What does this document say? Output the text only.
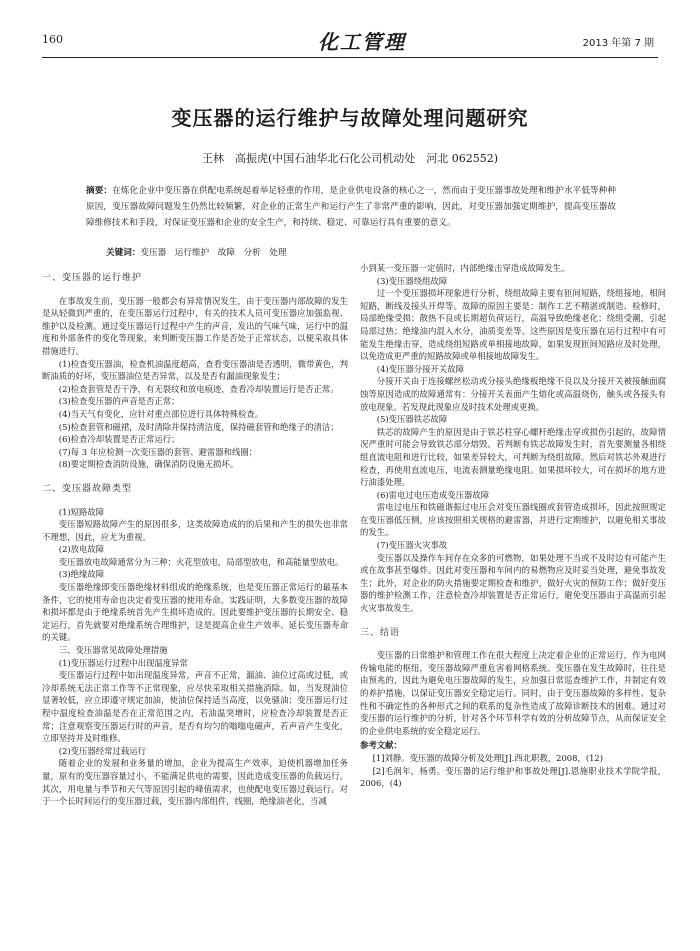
160	化工管理	2013 年第 7 期
变压器的运行维护与故障处理问题研究
王林　高振虎(中国石油华北石化公司机动处　河北 062552)
摘要：在炼化企业中变压器在供配电系统起着举足轻重的作用，是企业供电设备的核心之一，然而由于变压器事故处理和维护水平低等种种原因，变压器故障问题发生仍然比较频繁，对企业的正常生产和运行产生了非常严重的影响，因此，对变压器加强定期维护，提高变压器故障维修技术和手段，对保证变压器和企业的安全生产，和持续、稳定、可靠运行具有重要的意义。
关键词：变压器　运行维护　故障　分析　处理
一、变压器的运行维护

在事故发生前，变压器一般都会有异常情况发生，由于变压器内部故障的发生是从轻微到严重的，在变压器运行过程中，有关的技术人员可变压器应加强监视、维护以及检测。通过变压器运行过程中产生的声音，发出的气味气味，运行中的温度和外部条件的变化等现象，来判断变压器工作是否处于正常状态，以便采取具体措施进行。

(1)检查变压器油，检查机油温度超高，查看变压器油是否透明，微带黄色，判断油质的好坏，变压器油位是否异常，以及是否有漏油现象发生；

(2)检查套管是否干净，有无裂纹和放电痕迹，查看冷却装置运行是否正常。

(3)检查变压器的声音是否正常；

(4)当天气有变化，应针对重点部位进行具体特殊检查。

(5)检查套管和磁裙，及时清除并保持清洁度，保持磁套管和绝缘子的清洁；

(6)检查冷却装置是否正常运行；

(7)每 3 年应检测一次变压器的套管、避雷器和线圈；

(8)要定期检查消防设施，确保消防设施无损坏。

二、变压器故障类型

(1)短路故障

变压器短路故障产生的原因很多，这类故障造成的的后果和产生的损失也非常不理想，因此，应尤为重视。

(2)放电故障

变压器放电故障通常分为三种：火花型放电，局部型放电，和高能量型放电。

(3)绝缘故障

变压器绝缘即变压器绝缘材料组成的绝缘系统，也是变压器正常运行的最基本条件，它的使用寿命也决定着变压器的使用寿命。实践证明，大多数变压器的故障和损坏都是由于绝缘系统首先产生损坏造成的。因此要维护变压器的长期安全、稳定运行，首先就要对绝缘系统合理维护，这是提高企业生产效率、延长变压器寿命的关键。

三、变压器常见故障处理措施

(1)变压器运行过程中出现温度异常

变压器运行过程中如出现温度异常，声音不正常，漏油、油位过高或过低，或冷却系统无法正常工作等不正常现象，应尽快采取相关措施消除。如，当发现油位显著较低，应立即遵守规定加油，使油位保持适当高度，以免骚油；变压器运行过程中温度检查油温是否在正常范围之内，若油温突增时，应检查冷却装置是否正常；注意观察变压器运行时的声音，是否有均匀的嗡嗡电磁声，若声音产生变化，立即坚持并及时维修。

(2)变压器经常过载运行

随着企业的发展和业务量的增加，企业为提高生产效率，迫使机器增加任务量，原有的变压器容量过小，不能满足供电的需要，因此造成变压器的负载运行。其次，用电量与季节和天气等原因引起的峰值需求，也使配电变压器过载运行。对于一个长时间运行的变压器过载，变压器内部组件，线圈，绝缘油老化，当减

小到某一变压器一定值时，内部绝缘击穿造成故障发生。

(3)变压器绕组故障

过一个变压器损坏现象进行分析，绕组故障主要有匝间短路，绕组接地，相间短路，断线及接头开焊等。故障的原因主要是：制作工艺不精湛或制造、检修时，局部绝缘受损；散热不良或长期超负荷运行，高温导致绝缘老化；绕组受潮，引起局部过热；绝缘油内混入水分，油质变差等。这些原因是变压器在运行过程中有可能发生绝缘击穿，造成绕组短路或单相接地故障，如果发现匝间短路应及时处理，以免造成更严重的短路故障或单相接地故障发生。

(4)变压器分接开关故障

分接开关由于连接螺丝松动或分接头绝缘板绝缘不良以及分接开关被接触面腐蚀等原因造成的故障通常有：分接开关表面产生熔化或高温烧伤，触头或各接头有放电现象。若发现此现象应及时技术处理或更换。

(5)变压器铁芯故障

铁芯的故障产生的原因是由于铁芯柱穿心螺杆绝缘击穿或损伤引起的，故障情况严重时可能会导致铁芯部分熔毁。若判断有铁芯故障发生时，首先要测量各相绕组直流电阻和进行比较，如果差异较大，可判断为绕组故障。然后对铁芯外观进行检查，再使用直流电压，电流表测量绝缘电阻。如果损坏较大，可在损坏的地方进行油漆处理。

(6)雷电过电压造成变压器故障

雷电过电压和铁磁谐振过电压会对变压器线圈或套管造成损坏，因此按照规定在变压器低压侧，应该按照相关规格的避雷器，并进行定期维护，以避免相关事故的发生。

(7)变压器火灾事故

变压器以及操作车间存在众多的可燃物，如果处理不当或不及时边有可能产生或在故事甚至爆炸。因此对变压器和车间内的易燃物应及时妥当处理，避免事故发生；此外，对企业的防火措施要定期检查和维护，做好火灾的预防工作；做好变压器的维护检测工作，注意检查冷却装置是否正常运行，避免变压器由于高温而引起火灾事故发生。

三、结语

变压器的日常维护和管理工作在很大程度上决定着企业的正常运行，作为电网传输电能的枢纽，变压器故障严重危害着网格系统。变压器在发生故障时，往往是由预兆的，因此为避免电压器故障的发生，应加强日常巡查维护工作，并制定有效的养护措施，以保证变压器安全稳定运行。同时，由于变压器故障的多样性、复杂性和不确定性的各种形式之间的联系的复杂性造成了故障诊断技术的困难。通过对变压器的运行维护的分析，针对各个环节科学有效的分析故障节点，从而保证安全的企业供电系统的安全稳定运行。

参考文献：

[1]刘静。变压器的故障分析及处理[J].西北职教，2008，(12)

[2]毛润年，杨勇。变压器的运行维护和事故处理[J].恩施职业技术学院学报，2006，(4)
